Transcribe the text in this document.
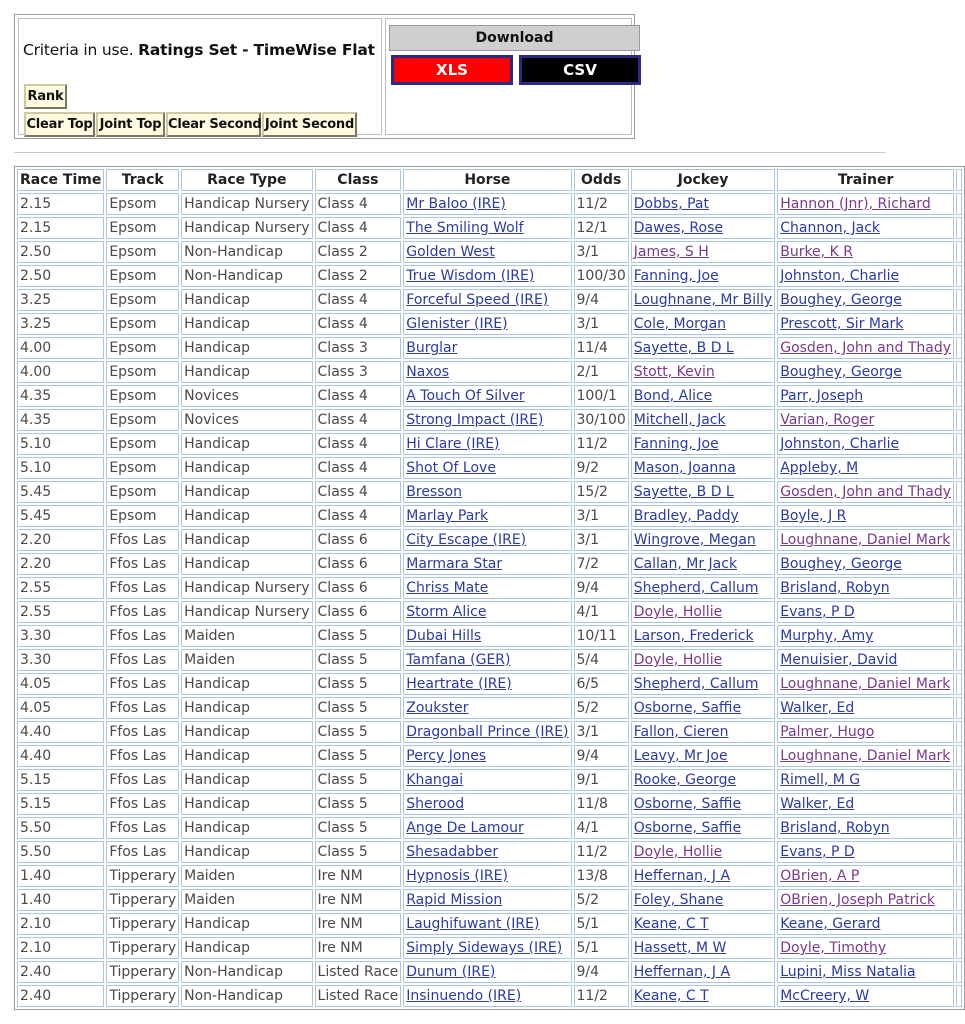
Criteria in use. Ratings Set - TimeWise Flat
Rank
Clear Top Joint Top Clear Second Joint Second
Download
XLS	CSV
Race Time	Track	Race Type	Class	Horse	Odds	Jockey	Trainer	
2.15	Epsom	Handicap Nursery	Class 4	Mr Baloo (IRE)	11/2	Dobbs, Pat	Hannon (Jnr), Richard	
2.15	Epsom	Handicap Nursery	Class 4	The Smiling Wolf	12/1	Dawes, Rose	Channon, Jack	
2.50	Epsom	Non-Handicap	Class 2	Golden West	3/1	James, S H	Burke, K R	
2.50	Epsom	Non-Handicap	Class 2	True Wisdom (IRE)	100/30	Fanning, Joe	Johnston, Charlie	
3.25	Epsom	Handicap	Class 4	Forceful Speed (IRE)	9/4	Loughnane, Mr Billy	Boughey, George	
3.25	Epsom	Handicap	Class 4	Glenister (IRE)	3/1	Cole, Morgan	Prescott, Sir Mark	
4.00	Epsom	Handicap	Class 3	Burglar	11/4	Sayette, B D L	Gosden, John and Thady	
4.00	Epsom	Handicap	Class 3	Naxos	2/1	Stott, Kevin	Boughey, George	
4.35	Epsom	Novices	Class 4	A Touch Of Silver	100/1	Bond, Alice	Parr, Joseph	
4.35	Epsom	Novices	Class 4	Strong Impact (IRE)	30/100	Mitchell, Jack	Varian, Roger	
5.10	Epsom	Handicap	Class 4	Hi Clare (IRE)	11/2	Fanning, Joe	Johnston, Charlie	
5.10	Epsom	Handicap	Class 4	Shot Of Love	9/2	Mason, Joanna	Appleby, M	
5.45	Epsom	Handicap	Class 4	Bresson	15/2	Sayette, B D L	Gosden, John and Thady	
5.45	Epsom	Handicap	Class 4	Marlay Park	3/1	Bradley, Paddy	Boyle, J R	
2.20	Ffos Las	Handicap	Class 6	City Escape (IRE)	3/1	Wingrove, Megan	Loughnane, Daniel Mark	
2.20	Ffos Las	Handicap	Class 6	Marmara Star	7/2	Callan, Mr Jack	Boughey, George	
2.55	Ffos Las	Handicap Nursery	Class 6	Chriss Mate	9/4	Shepherd, Callum	Brisland, Robyn	
2.55	Ffos Las	Handicap Nursery	Class 6	Storm Alice	4/1	Doyle, Hollie	Evans, P D	
3.30	Ffos Las	Maiden	Class 5	Dubai Hills	10/11	Larson, Frederick	Murphy, Amy	
3.30	Ffos Las	Maiden	Class 5	Tamfana (GER)	5/4	Doyle, Hollie	Menuisier, David	
4.05	Ffos Las	Handicap	Class 5	Heartrate (IRE)	6/5	Shepherd, Callum	Loughnane, Daniel Mark	
4.05	Ffos Las	Handicap	Class 5	Zoukster	5/2	Osborne, Saffie	Walker, Ed	
4.40	Ffos Las	Handicap	Class 5	Dragonball Prince (IRE)	3/1	Fallon, Cieren	Palmer, Hugo	
4.40	Ffos Las	Handicap	Class 5	Percy Jones	9/4	Leavy, Mr Joe	Loughnane, Daniel Mark	
5.15	Ffos Las	Handicap	Class 5	Khangai	9/1	Rooke, George	Rimell, M G	
5.15	Ffos Las	Handicap	Class 5	Sherood	11/8	Osborne, Saffie	Walker, Ed	
5.50	Ffos Las	Handicap	Class 5	Ange De Lamour	4/1	Osborne, Saffie	Brisland, Robyn	
5.50	Ffos Las	Handicap	Class 5	Shesadabber	11/2	Doyle, Hollie	Evans, P D	
1.40	Tipperary	Maiden	Ire NM	Hypnosis (IRE)	13/8	Heffernan, J A	OBrien, A P	
1.40	Tipperary	Maiden	Ire NM	Rapid Mission	5/2	Foley, Shane	OBrien, Joseph Patrick	
2.10	Tipperary	Handicap	Ire NM	Laughifuwant (IRE)	5/1	Keane, C T	Keane, Gerard	
2.10	Tipperary	Handicap	Ire NM	Simply Sideways (IRE)	5/1	Hassett, M W	Doyle, Timothy	
2.40	Tipperary	Non-Handicap	Listed Race	Dunum (IRE)	9/4	Heffernan, J A	Lupini, Miss Natalia	
2.40	Tipperary	Non-Handicap	Listed Race	Insinuendo (IRE)	11/2	Keane, C T	McCreery, W	
